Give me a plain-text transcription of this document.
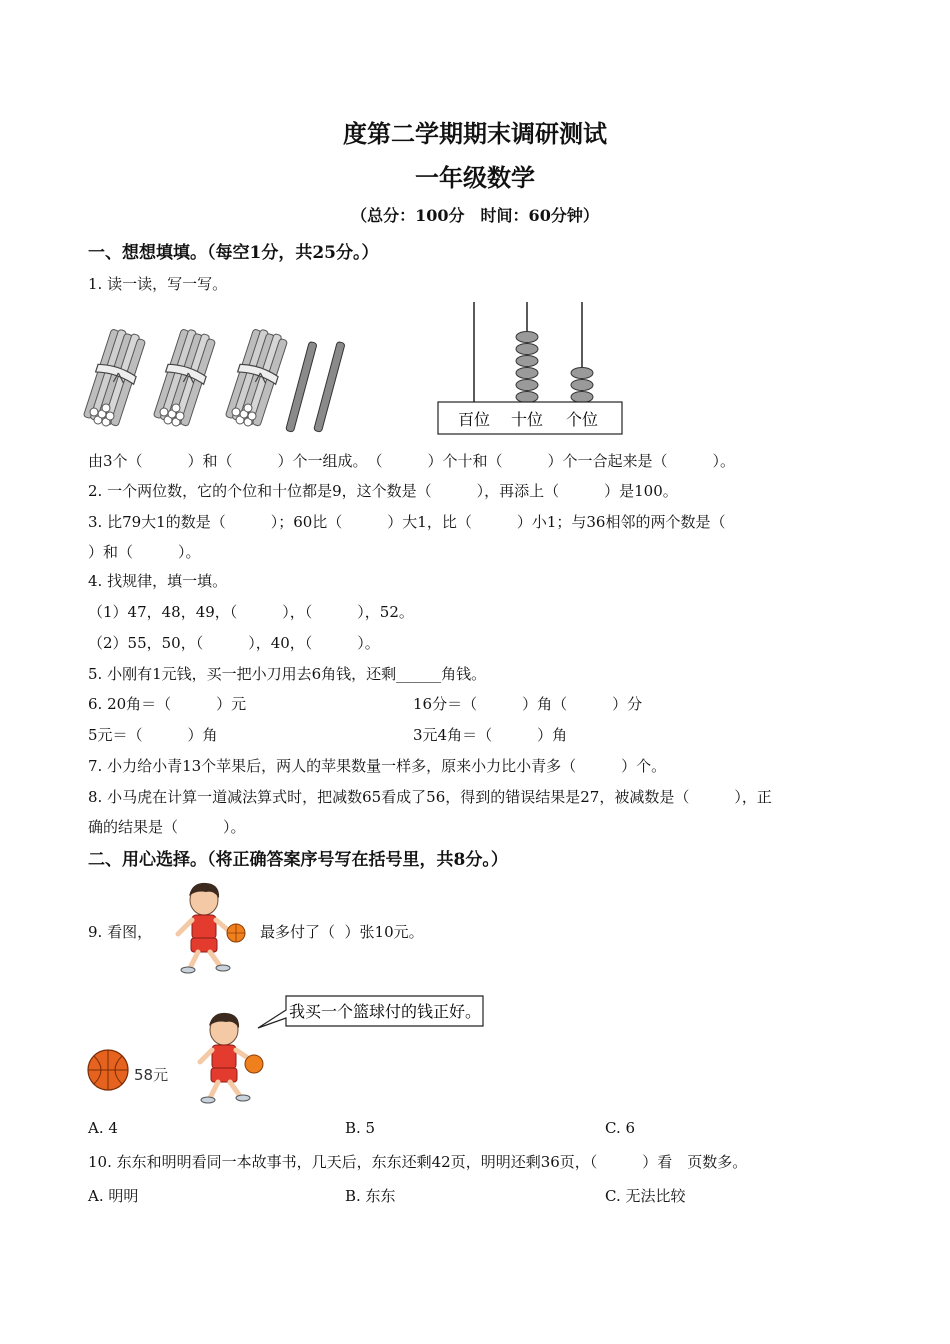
度第二学期期末调研测试
一年级数学
（总分：100分　时间：60分钟）
一、想想填填。（每空1分，共25分。）
1. 读一读，写一写。
百位 十位 个位
由3个（　　　）和（　　　）个一组成。　（　　　）个十和（　　　）个一合起来是（　　　）。
2. 一个两位数，它的个位和十位都是9，这个数是（　　　），再添上（　　　）是100。
3. 比79大1的数是（　　　）；60比（　　　）大1，比（　　　）小1；与36相邻的两个数是（
）和（　　　）。
4. 找规律，填一填。
（1）47，48，49，（　　　），（　　　），52。
（2）55，50，（　　　），40，（　　　）。
5. 小刚有1元钱，买一把小刀用去6角钱，还剩______角钱。
6. 20角＝（　　　）元	16分＝（　　　）角（　　　）分
5元＝（　　　）角	3元4角＝（　　　）角
7. 小力给小青13个苹果后，两人的苹果数量一样多，原来小力比小青多（　　　）个。
8. 小马虎在计算一道减法算式时，把减数65看成了56，得到的错误结果是27，被减数是（　　　），正
确的结果是（　　　）。
二、用心选择。（将正确答案序号写在括号里，共8分。）
9. 看图，	最多付了（  ）张10元。
58元
我买一个篮球付的钱正好。
A. 4	B. 5	C. 6
10. 东东和明明看同一本故事书，几天后，东东还剩42页，明明还剩36页，（　　　）看　页数多。
A. 明明	B. 东东	C. 无法比较
